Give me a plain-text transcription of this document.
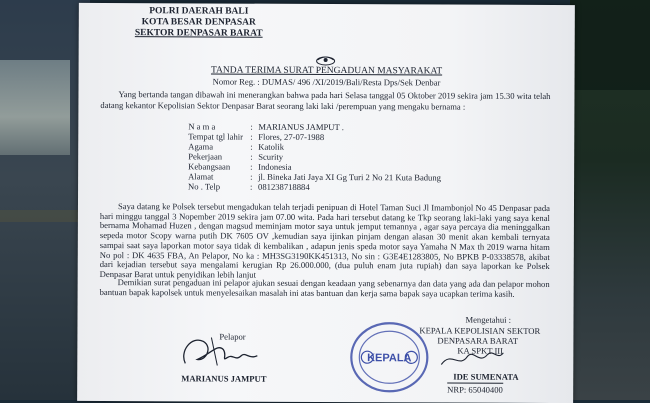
POLRI DAERAH BALI
KOTA BESAR DENPASAR
SEKTOR DENPASAR BARAT
TANDA TERIMA SURAT PENGADUAN MASYARAKAT
Nomor Reg. : DUMAS/ 496 /XI/2019/Bali/Resta Dps/Sek Denbar

Yang bertanda tangan dibawah ini menerangkan bahwa pada hari Selasa tanggal 05 Oktober 2019 sekira jam 15.30 wita telah datang kekantor Kepolisian Sektor Denpasar Barat seorang laki laki /perempuan yang mengaku bernama :

N a m a	: MARIANUS JAMPUT .
Tempat tgl lahir : Flores, 27-07-1988
Agama	: Katolik
Pekerjaan	: Scurity
Kebangsaan : Indonesia
Alamat	: jl. Bineka Jati Jaya XI Gg Turi 2 No 21 Kuta Badung
No . Telp	: 081238718884

Saya datang ke Polsek tersebut mengadukan telah terjadi penipuan di Hotel Taman Suci Jl Imambonjol No 45 Denpasar pada hari minggu tanggal 3 Nopember 2019 sekira jam 07.00 wita. Pada hari tersebut datang ke Tkp seorang laki-laki yang saya kenal bernama Mohamad Huzen , dengan magsud meminjam motor saya untuk jemput temannya , agar saya percaya dia meninggalkan sepeda motor Scopy warna putih DK 7605 OV ,kemudian saya ijinkan pinjam dengan alasan 30 menit akan kembali ternyata sampai saat saya laporkan motor saya tidak di kembalikan , adapun jenis speda motor saya Yamaha N Max th 2019 warna hitam No pol : DK 4635 FBA, An Pelapor, No ka : MH3SG3190KK451313, No sin : G3E4E1283805, No BPKB P-03338578, akibat dari kejadian tersebut saya mengalami kerugian Rp 26.000.000, (dua puluh enam juta rupiah) dan saya laporkan ke Polsek Denpasar Barat untuk penyidikan lebih lanjut

Demikian surat pengaduan ini pelapor ajukan sesuai dengan keadaan yang sebenarnya dan data yang ada dan pelapor mohon bantuan bapak kapolsek untuk menyelesaikan masalah ini atas bantuan dan kerja sama bapak saya ucapkan terima kasih.

Mengetahui :
KEPALA KEPOLISIAN SEKTOR
DENPASARA BARAT
KA SPKT III
IDE SUMENATA
NRP: 65040400
Pelapor
MARIANUS JAMPUT
KEPALA
